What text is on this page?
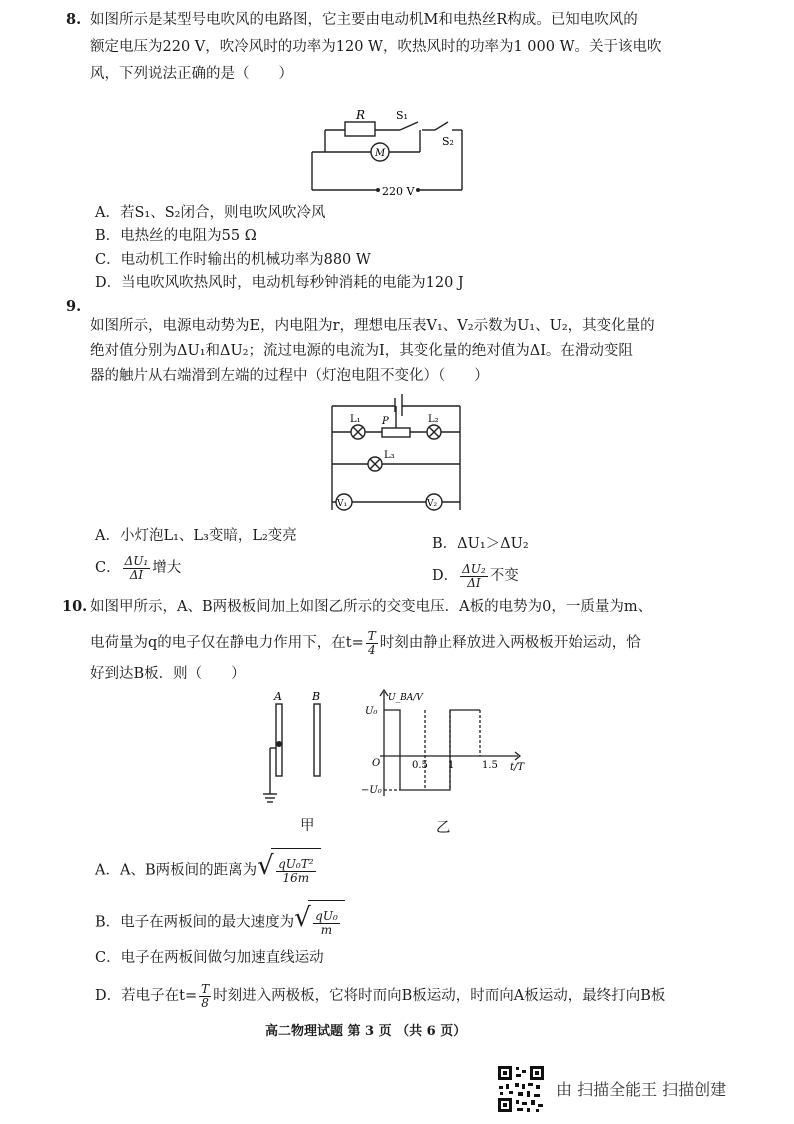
8. 如图所示是某型号电吹风的电路图，它主要由电动机M和电热丝R构成。已知电吹风的
额定电压为220 V，吹冷风时的功率为120 W，吹热风时的功率为1 000 W。关于该电吹
风，下列说法正确的是（　　）
R	S₁
S₂
M
220 V
A．若S₁、S₂闭合，则电吹风吹冷风
B．电热丝的电阻为55 Ω
C．电动机工作时输出的机械功率为880 W
D．当电吹风吹热风时，电动机每秒钟消耗的电能为120 J
9.
如图所示，电源电动势为E，内电阻为r，理想电压表V₁、V₂示数为U₁、U₂，其变化量的
绝对值分别为ΔU₁和ΔU₂；流过电源的电流为I，其变化量的绝对值为ΔI。在滑动变阻
器的触片从右端滑到左端的过程中（灯泡电阻不变化）（　　）
L₁	L₂
L₃
P
V₁	V₂
A．小灯泡L₁、L₃变暗，L₂变亮	B．ΔU₁＞ΔU₂
C． $\frac{\text{ΔU₁}}{\Delta I}$ 增大	D． $\frac{\text{ΔU₂}}{\Delta I}$ 不变
10. 如图甲所示，A、B两极板间加上如图乙所示的交变电压．A板的电势为0，一质量为m、
电荷量为q的电子仅在静电力作用下，在$t= \frac{T}{4}$ 时刻由静止释放进入两极板开始运动，恰
好到达B板．则（　　）
A	B	U_BA/V
U₀
−U₀
O	0.5 1	1.5 t/T
甲	乙
A．A、B两板间的距离为 √ $\frac{\text{qU₀T²}}{16m}$
B．电子在两板间的最大速度为 √ $\frac{\text{qU₀}}{m}$
C．电子在两板间做匀加速直线运动
D．若电子在$t= \frac{T}{8}$ 时刻进入两极板，它将时而向B板运动，时而向A板运动，最终打向B板
高二物理试题 第 3 页 （共 6 页）
由 扫描全能王 扫描创建
